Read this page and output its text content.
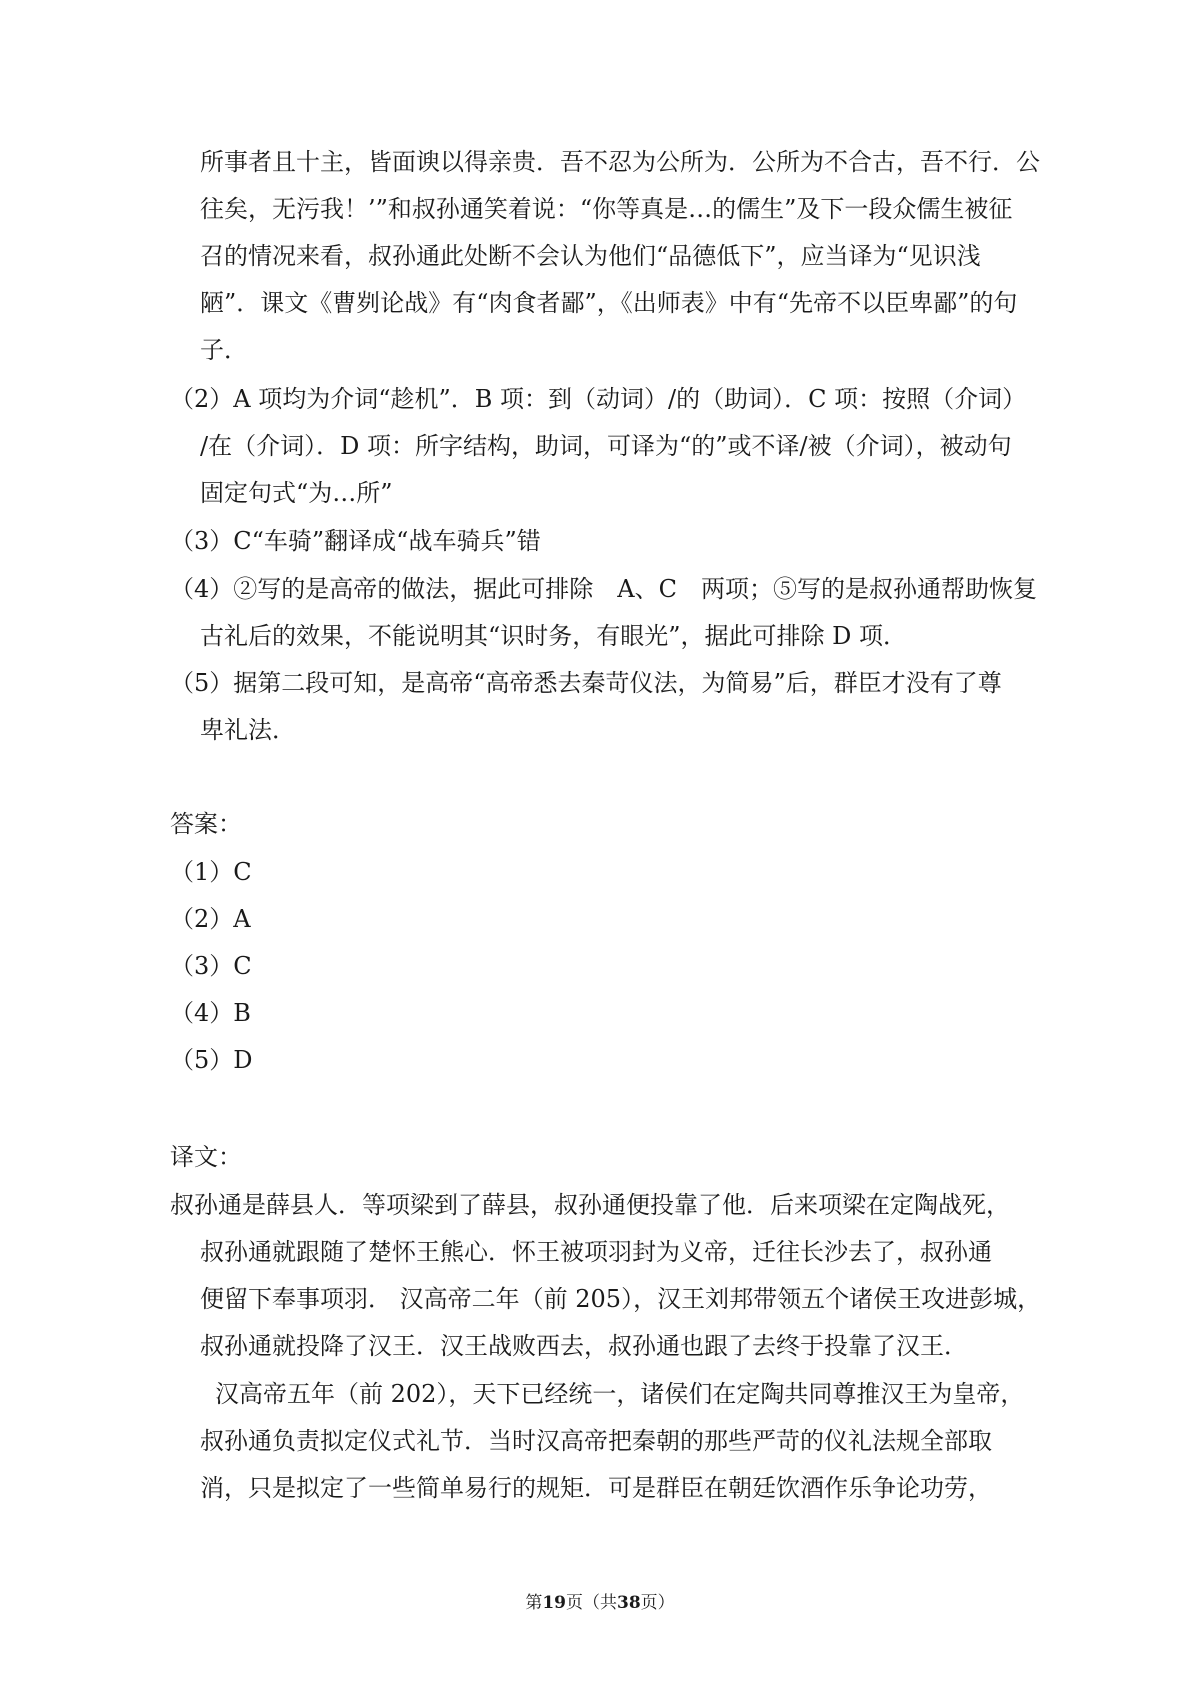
所事者且十主，皆面谀以得亲贵．吾不忍为公所为．公所为不合古，吾不行．公
往矣，无污我！’”和叔孙通笑着说：“你等真是…的儒生”及下一段众儒生被征
召的情况来看，叔孙通此处断不会认为他们“品德低下”，应当译为“见识浅
陋”．课文《曹刿论战》有“肉食者鄙”，《出师表》中有“先帝不以臣卑鄙”的句
子．
（2）A 项均为介词“趁机”．B 项：到（动词）/的（助词）．C 项：按照（介词）
/在（介词）．D 项：所字结构，助词，可译为“的”或不译/被（介词），被动句
固定句式“为…所”
（3）C“车骑”翻译成“战车骑兵”错
（4）②写的是高帝的做法，据此可排除　A、C　两项；⑤写的是叔孙通帮助恢复
古礼后的效果，不能说明其“识时务，有眼光”，据此可排除 D 项．
（5）据第二段可知，是高帝“高帝悉去秦苛仪法，为简易”后，群臣才没有了尊
卑礼法．
答案：
（1）C
（2）A
（3）C
（4）B
（5）D
译文：
叔孙通是薛县人．等项梁到了薛县，叔孙通便投靠了他．后来项梁在定陶战死，
叔孙通就跟随了楚怀王熊心．怀王被项羽封为义帝，迁往长沙去了，叔孙通
便留下奉事项羽． 汉高帝二年（前 205），汉王刘邦带领五个诸侯王攻进彭城，
叔孙通就投降了汉王．汉王战败西去，叔孙通也跟了去终于投靠了汉王．
汉高帝五年（前 202），天下已经统一，诸侯们在定陶共同尊推汉王为皇帝，
叔孙通负责拟定仪式礼节．当时汉高帝把秦朝的那些严苛的仪礼法规全部取
消，只是拟定了一些简单易行的规矩．可是群臣在朝廷饮酒作乐争论功劳，
第19页（共38页）
